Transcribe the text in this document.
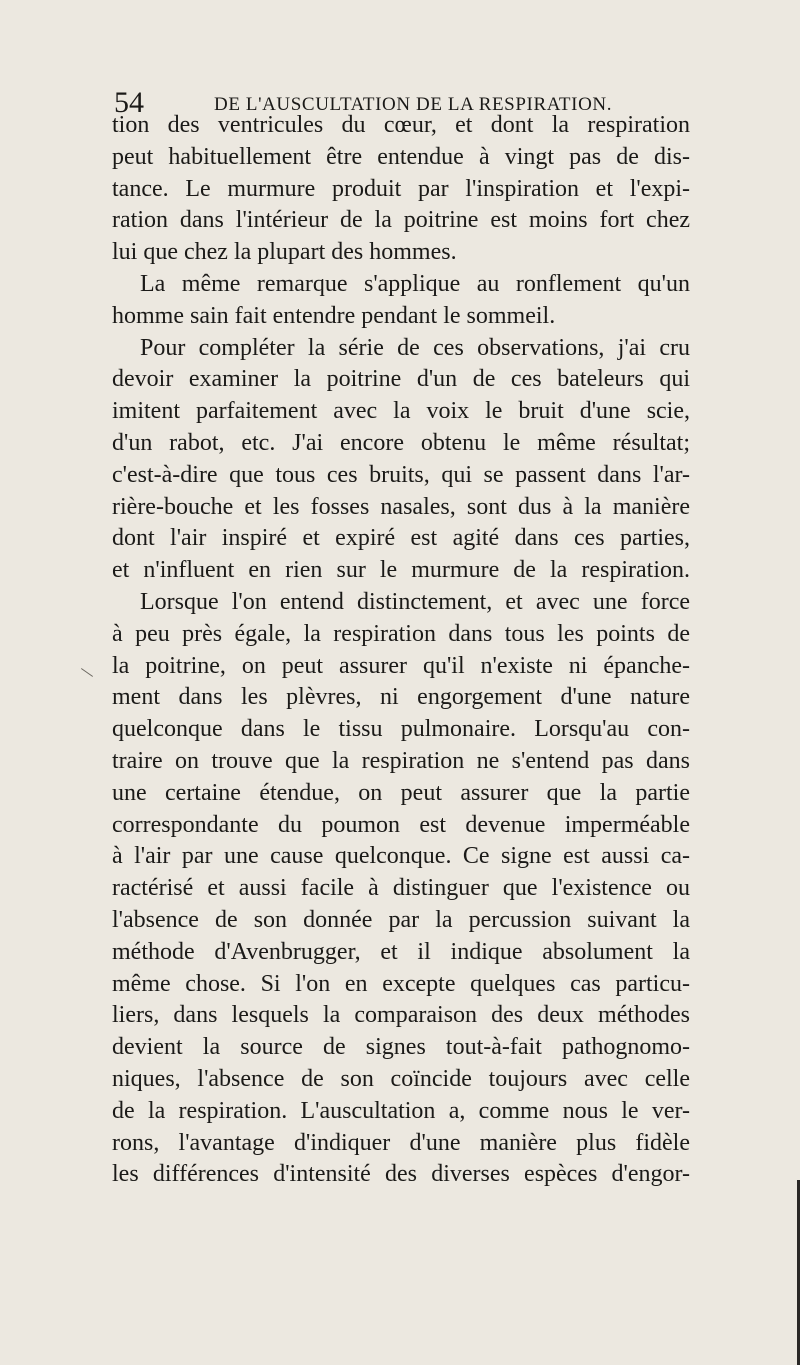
54	DE L'AUSCULTATION DE LA RESPIRATION.
tion des ventricules du cœur, et dont la respiration
peut habituellement être entendue à vingt pas de dis-
tance. Le murmure produit par l'inspiration et l'expi-
ration dans l'intérieur de la poitrine est moins fort chez
lui que chez la plupart des hommes.
La même remarque s'applique au ronflement qu'un
homme sain fait entendre pendant le sommeil.
Pour compléter la série de ces observations, j'ai cru
devoir examiner la poitrine d'un de ces bateleurs qui
imitent parfaitement avec la voix le bruit d'une scie,
d'un rabot, etc. J'ai encore obtenu le même résultat;
c'est-à-dire que tous ces bruits, qui se passent dans l'ar-
rière-bouche et les fosses nasales, sont dus à la manière
dont l'air inspiré et expiré est agité dans ces parties,
et n'influent en rien sur le murmure de la respiration.
Lorsque l'on entend distinctement, et avec une force
à peu près égale, la respiration dans tous les points de
la poitrine, on peut assurer qu'il n'existe ni épanche-
ment dans les plèvres, ni engorgement d'une nature
quelconque dans le tissu pulmonaire. Lorsqu'au con-
traire on trouve que la respiration ne s'entend pas dans
une certaine étendue, on peut assurer que la partie
correspondante du poumon est devenue imperméable
à l'air par une cause quelconque. Ce signe est aussi ca-
ractérisé et aussi facile à distinguer que l'existence ou
l'absence de son donnée par la percussion suivant la
méthode d'Avenbrugger, et il indique absolument la
même chose. Si l'on en excepte quelques cas particu-
liers, dans lesquels la comparaison des deux méthodes
devient la source de signes tout-à-fait pathognomo-
niques, l'absence de son coïncide toujours avec celle
de la respiration. L'auscultation a, comme nous le ver-
rons, l'avantage d'indiquer d'une manière plus fidèle
les différences d'intensité des diverses espèces d'engor-
